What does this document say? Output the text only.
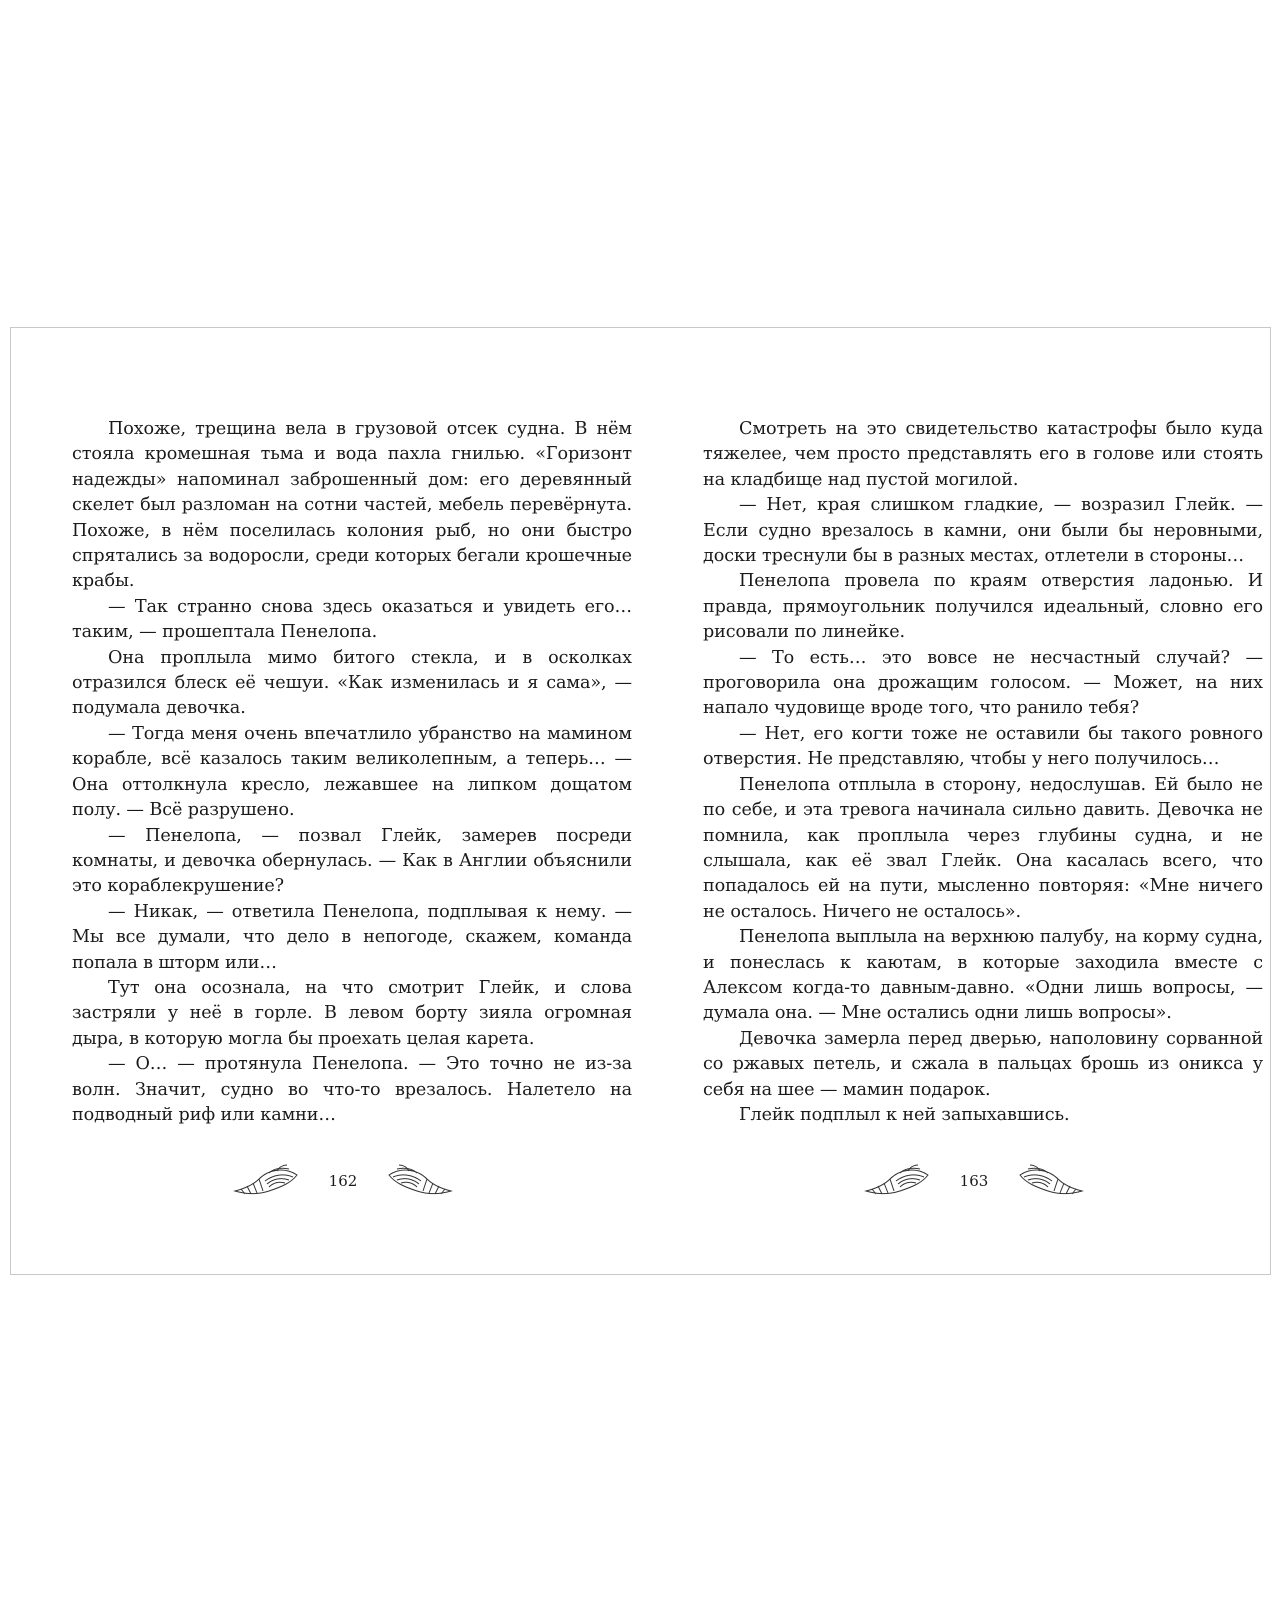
Похоже, трещина вела в грузовой отсек судна. В нём стояла кромешная тьма и вода пахла гнилью. «Горизонт надежды» напоминал заброшенный дом: его деревянный скелет был разломан на сотни частей, мебель перевёрнута. Похоже, в нём поселилась колония рыб, но они быстро спрятались за водоросли, среди которых бегали крошечные крабы.

— Так странно снова здесь оказаться и увидеть его… таким, — прошептала Пенелопа.

Она проплыла мимо битого стекла, и в осколках отразился блеск её чешуи. «Как изменилась и я сама», — подумала девочка.

— Тогда меня очень впечатлило убранство на мамином корабле, всё казалось таким великолепным, а теперь… — Она оттолкнула кресло, лежавшее на липком дощатом полу. — Всё разрушено.

— Пенелопа, — позвал Глейк, замерев посреди комнаты, и девочка обернулась. — Как в Англии объяснили это кораблекрушение?

— Никак, — ответила Пенелопа, подплывая к нему. — Мы все думали, что дело в непогоде, скажем, команда попала в шторм или…

Тут она осознала, на что смотрит Глейк, и слова застряли у неё в горле. В левом борту зияла огромная дыра, в которую могла бы проехать целая карета.

— О… — протянула Пенелопа. — Это точно не из-за волн. Значит, судно во что-то врезалось. Налетело на подводный риф или камни…

162

Смотреть на это свидетельство катастрофы было куда тяжелее, чем просто представлять его в голове или стоять на кладбище над пустой могилой.

— Нет, края слишком гладкие, — возразил Глейк. — Если судно врезалось в камни, они были бы неровными, доски треснули бы в разных местах, отлетели в стороны…

Пенелопа провела по краям отверстия ладонью. И правда, прямоугольник получился идеальный, словно его рисовали по линейке.

— То есть… это вовсе не несчастный случай? — проговорила она дрожащим голосом. — Может, на них напало чудовище вроде того, что ранило тебя?

— Нет, его когти тоже не оставили бы такого ровного отверстия. Не представляю, чтобы у него получилось…

Пенелопа отплыла в сторону, недослушав. Ей было не по себе, и эта тревога начинала сильно давить. Девочка не помнила, как проплыла через глубины судна, и не слышала, как её звал Глейк. Она касалась всего, что попадалось ей на пути, мысленно повторяя: «Мне ничего не осталось. Ничего не осталось».

Пенелопа выплыла на верхнюю палубу, на корму судна, и понеслась к каютам, в которые заходила вместе с Алексом когда-то давным-давно. «Одни лишь вопросы, — думала она. — Мне остались одни лишь вопросы».

Девочка замерла перед дверью, наполовину сорванной со ржавых петель, и сжала в пальцах брошь из оникса у себя на шее — мамин подарок.

Глейк подплыл к ней запыхавшись.

163
